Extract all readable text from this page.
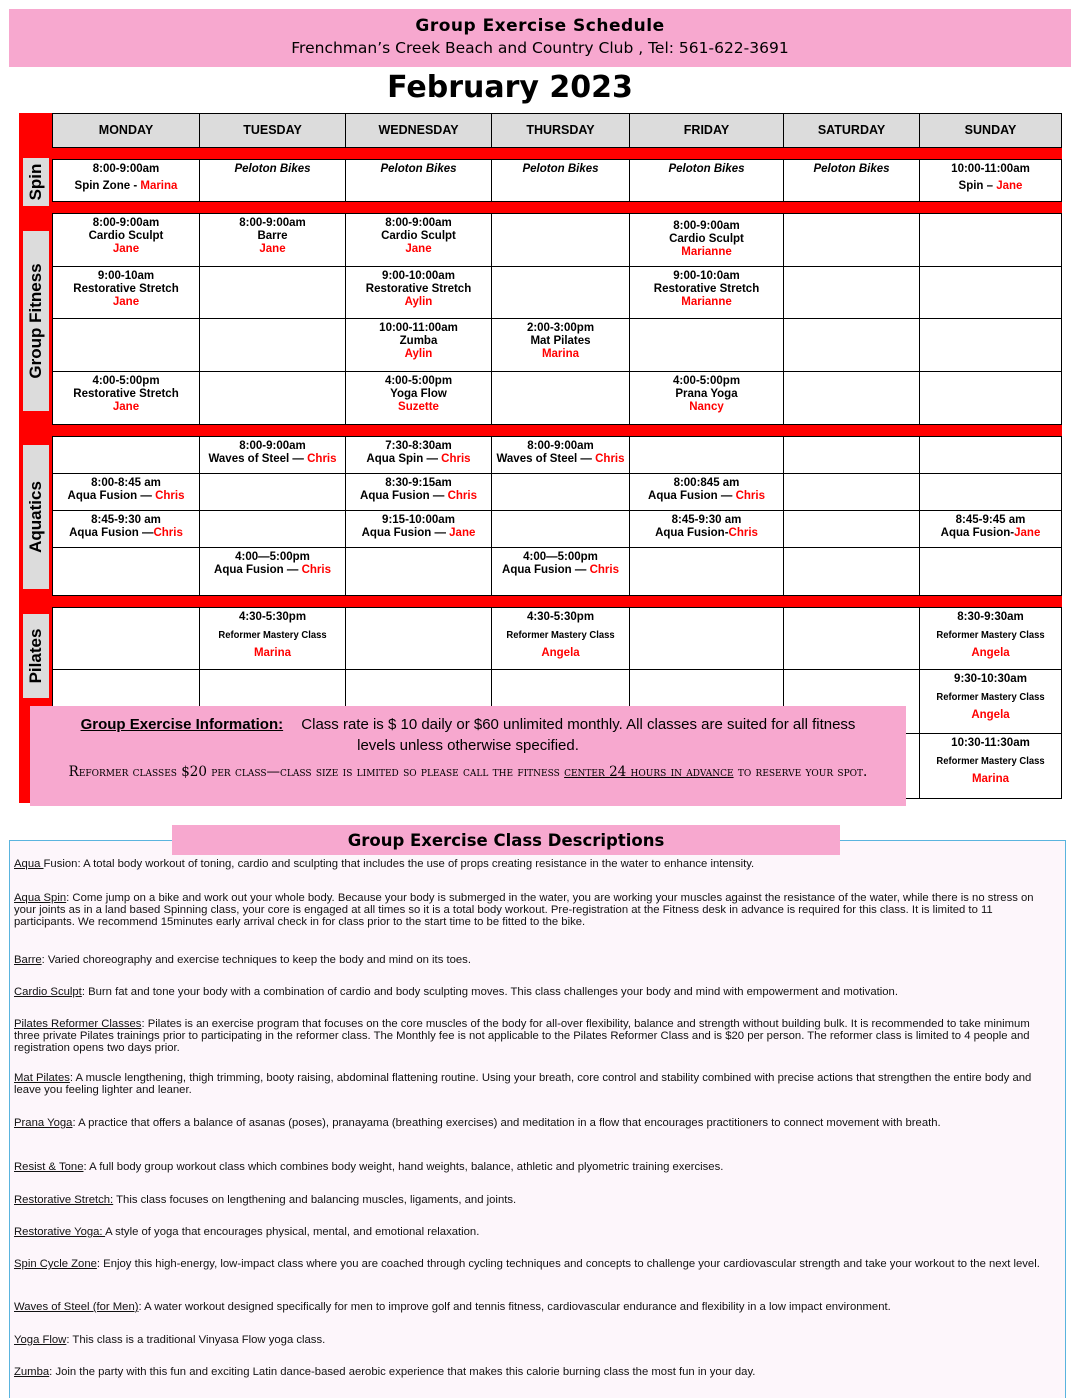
Group Exercise Schedule
Frenchman’s Creek Beach and Country Club , Tel: 561-622-3691
February 2023
Spin
Group Fitness
Aquatics
Pilates
MONDAY	TUESDAY	WEDNESDAY	THURSDAY	FRIDAY	SATURDAY	SUNDAY

8:00-9:00am
Spin Zone - Marina	Peloton Bikes	Peloton Bikes	Peloton Bikes	Peloton Bikes	Peloton Bikes	10:00-11:00am
Spin – Jane

8:00-9:00am
Cardio Sculpt
Jane	8:00-9:00am
Barre
Jane	8:00-9:00am
Cardio Sculpt
Jane		8:00-9:00am
Cardio Sculpt
Marianne		

9:00-10am
Restorative Stretch
Jane		9:00-10:00am
Restorative Stretch
Aylin		9:00-10:0am
Restorative Stretch
Marianne		

		10:00-11:00am
Zumba
Aylin	2:00-3:00pm
Mat Pilates
Marina			

4:00-5:00pm
Restorative Stretch
Jane		4:00-5:00pm
Yoga Flow
Suzette		4:00-5:00pm
Prana Yoga
Nancy		

	8:00-9:00am
Waves of Steel — Chris	7:30-8:30am
Aqua Spin — Chris	8:00-9:00am
Waves of Steel — Chris			

8:00-8:45 am
Aqua Fusion — Chris		8:30-9:15am
Aqua Fusion — Chris		8:00:845 am
Aqua Fusion — Chris		

8:45-9:30 am
Aqua Fusion —Chris		9:15-10:00am
Aqua Fusion — Jane		8:45-9:30 am
Aqua Fusion-Chris		8:45-9:45 am
Aqua Fusion-Jane

	4:00—5:00pm
Aqua Fusion — Chris		4:00—5:00pm
Aqua Fusion — Chris			

	4:30-5:30pm
Reformer Mastery Class
Marina		4:30-5:30pm
Reformer Mastery Class
Angela			8:30-9:30am
Reformer Mastery Class
Angela

						9:30-10:30am
Reformer Mastery Class
Angela

						10:30-11:30am
Reformer Mastery Class
Marina
Group Exercise Information: Class rate is $ 10 daily or $60 unlimited monthly. All classes are suited for all fitness levels unless otherwise specified.
Reformer classes $20 per class—class size is limited so please call the fitness center 24 hours in advance to reserve your spot.
Group Exercise Class Descriptions
Aqua Fusion: A total body workout of toning, cardio and sculpting that includes the use of props creating resistance in the water to enhance intensity.
Aqua Spin: Come jump on a bike and work out your whole body. Because your body is submerged in the water, you are working your muscles against the resistance of the water, while there is no stress on your joints as in a land based Spinning class, your core is engaged at all times so it is a total body workout. Pre-registration at the Fitness desk in advance is required for this class. It is limited to 11 participants. We recommend 15minutes early arrival check in for class prior to the start time to be fitted to the bike.
Barre: Varied choreography and exercise techniques to keep the body and mind on its toes.
Cardio Sculpt: Burn fat and tone your body with a combination of cardio and body sculpting moves. This class challenges your body and mind with empowerment and motivation.
Pilates Reformer Classes: Pilates is an exercise program that focuses on the core muscles of the body for all-over flexibility, balance and strength without building bulk. It is recommended to take minimum three private Pilates trainings prior to participating in the reformer class. The Monthly fee is not applicable to the Pilates Reformer Class and is $20 per person. The reformer class is limited to 4 people and registration opens two days prior.
Mat Pilates: A muscle lengthening, thigh trimming, booty raising, abdominal flattening routine. Using your breath, core control and stability combined with precise actions that strengthen the entire body and leave you feeling lighter and leaner.
Prana Yoga: A practice that offers a balance of asanas (poses), pranayama (breathing exercises) and meditation in a flow that encourages practitioners to connect movement with breath.
Resist & Tone: A full body group workout class which combines body weight, hand weights, balance, athletic and plyometric training exercises.
Restorative Stretch: This class focuses on lengthening and balancing muscles, ligaments, and joints.
Restorative Yoga: A style of yoga that encourages physical, mental, and emotional relaxation.
Spin Cycle Zone: Enjoy this high-energy, low-impact class where you are coached through cycling techniques and concepts to challenge your cardiovascular strength and take your workout to the next level.
Waves of Steel (for Men): A water workout designed specifically for men to improve golf and tennis fitness, cardiovascular endurance and flexibility in a low impact environment.
Yoga Flow: This class is a traditional Vinyasa Flow yoga class.
Zumba: Join the party with this fun and exciting Latin dance-based aerobic experience that makes this calorie burning class the most fun in your day.
